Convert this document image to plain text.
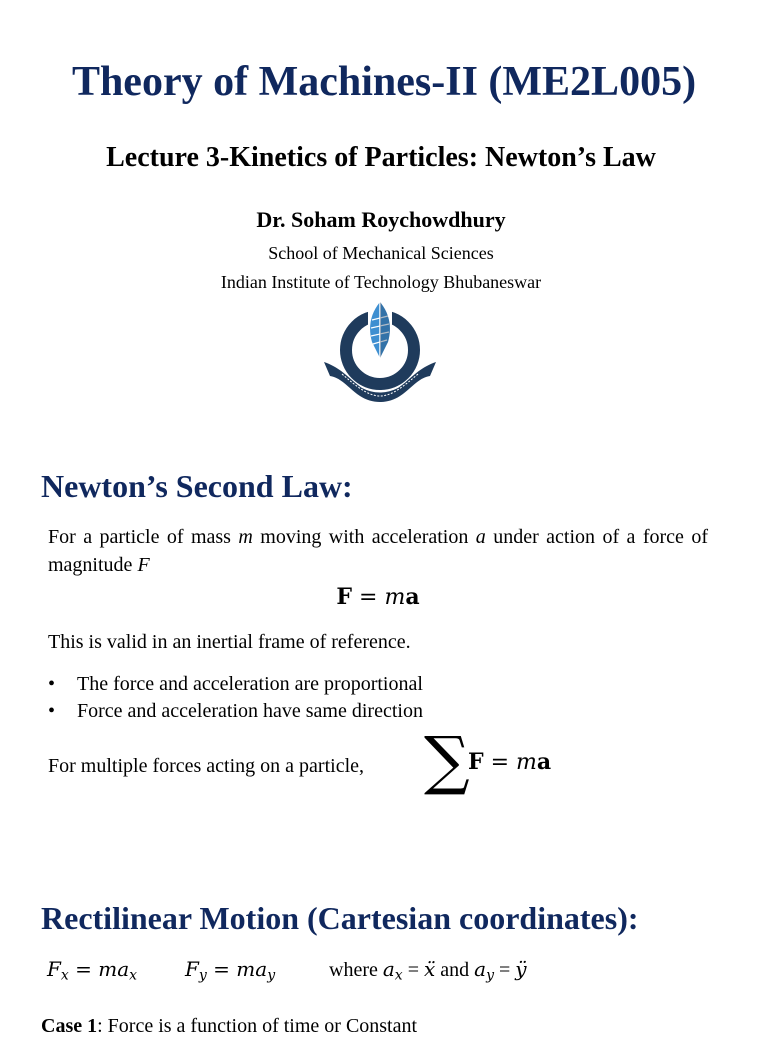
Theory of Machines-II (ME2L005)
Lecture 3-Kinetics of Particles: Newton’s Law
Dr. Soham Roychowdhury
School of Mechanical Sciences
Indian Institute of Technology Bhubaneswar
Newton’s Second Law:
For a particle of mass m moving with acceleration a under action of a force of magnitude F
F = ma
This is valid in an inertial frame of reference.
• The force and acceleration are proportional
• Force and acceleration have same direction
For multiple forces acting on a particle, ∑
F = ma
Rectilinear Motion (Cartesian coordinates):
$F_x = ma_x$ $F_y = ma_y$	where $a_x$ = ẍ and $a_y$ = ÿ
Case 1: Force is a function of time or Constant
